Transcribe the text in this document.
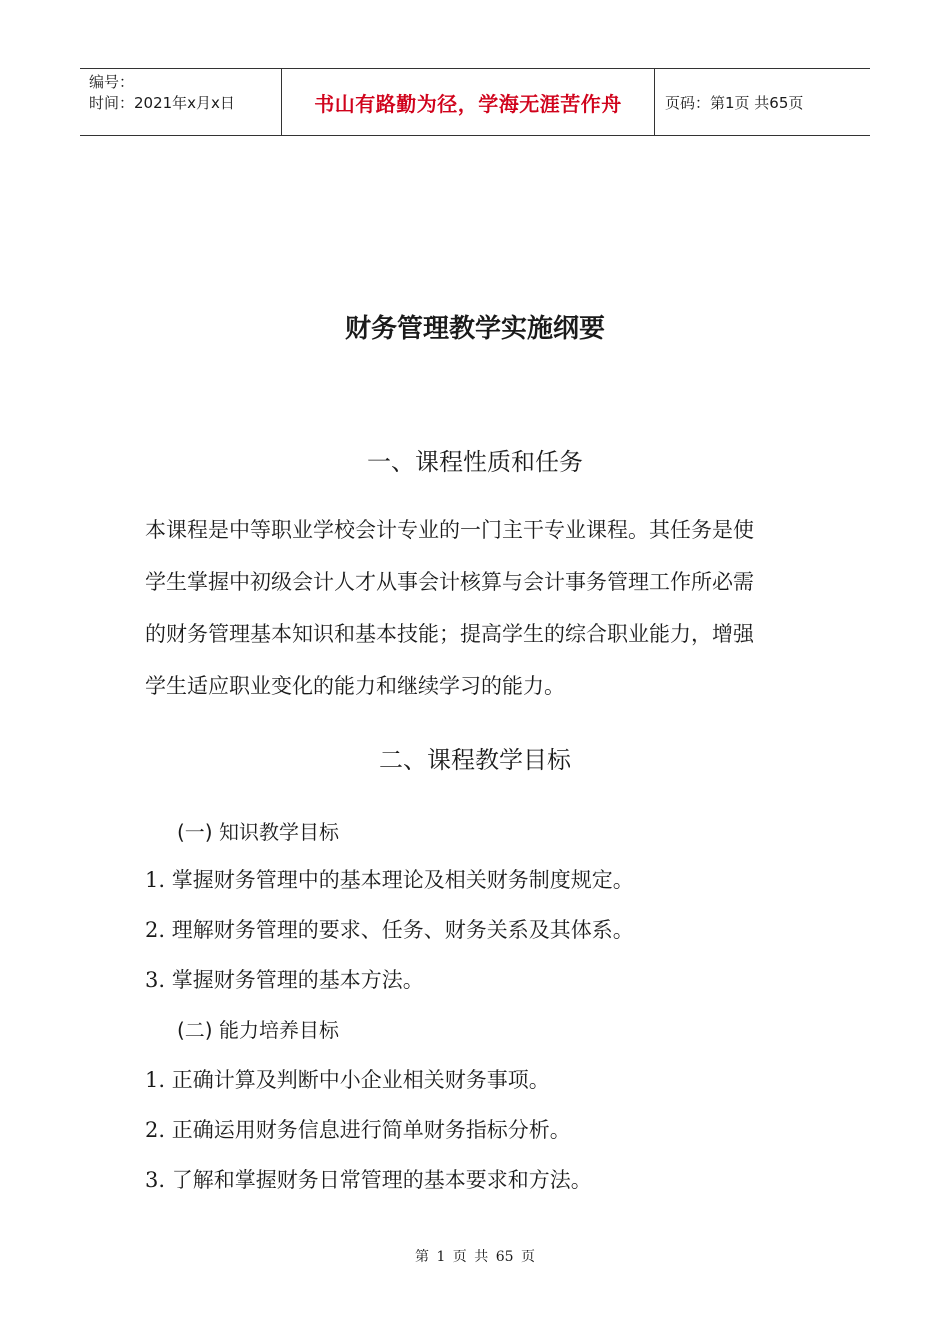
编号：
时间：2021年x月x日	书山有路勤为径，学海无涯苦作舟	页码：第1页 共65页
财务管理教学实施纲要
一、课程性质和任务

本课程是中等职业学校会计专业的一门主干专业课程。其任务是使
学生掌握中初级会计人才从事会计核算与会计事务管理工作所必需
的财务管理基本知识和基本技能；提高学生的综合职业能力，增强
学生适应职业变化的能力和继续学习的能力。

二、课程教学目标
(一) 知识教学目标
1. 掌握财务管理中的基本理论及相关财务制度规定。
2. 理解财务管理的要求、任务、财务关系及其体系。
3. 掌握财务管理的基本方法。
(二) 能力培养目标
1. 正确计算及判断中小企业相关财务事项。
2. 正确运用财务信息进行简单财务指标分析。
3. 了解和掌握财务日常管理的基本要求和方法。
第 1 页 共 65 页
